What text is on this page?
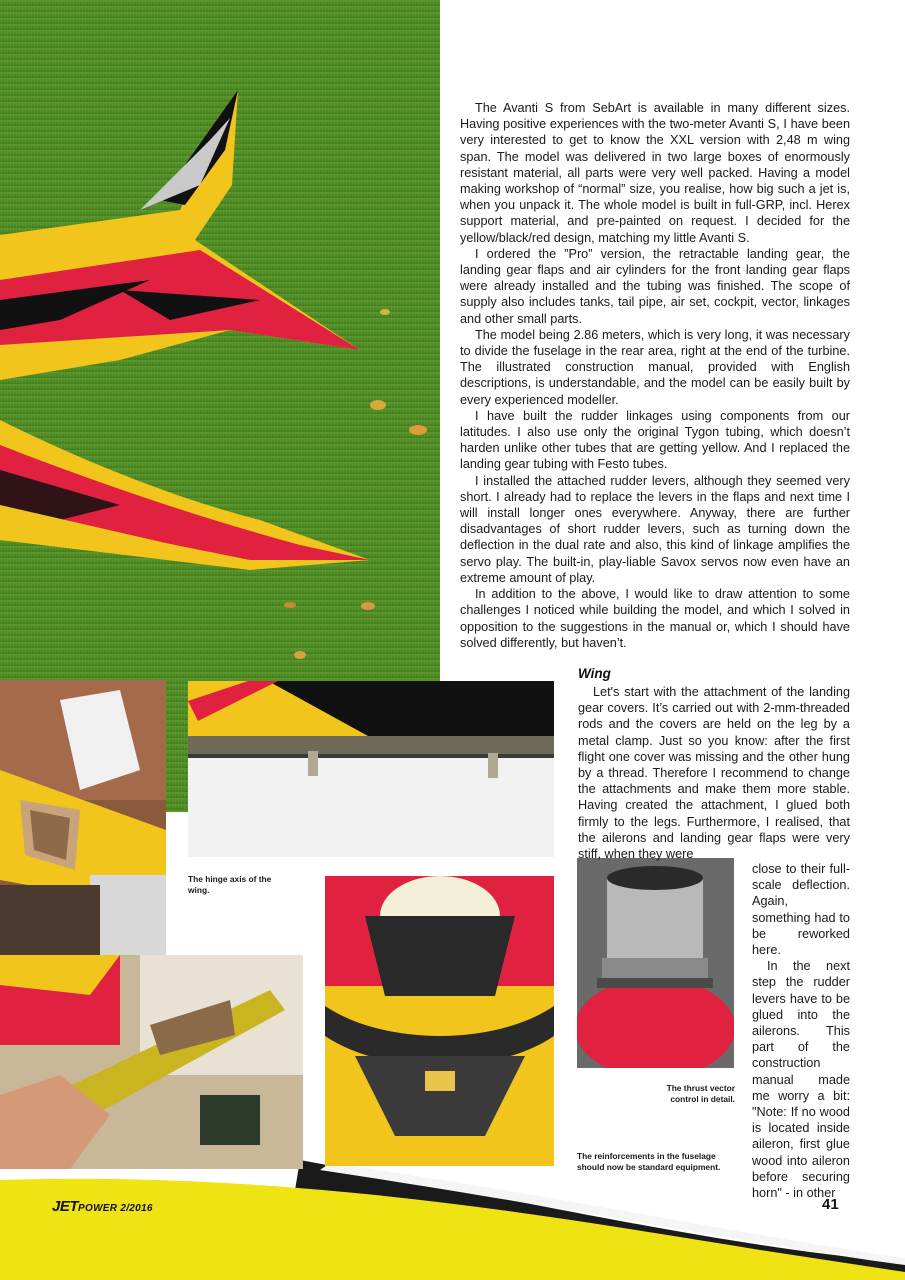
The Avanti S from SebArt is available in many different sizes. Having positive experiences with the two-meter Avanti S, I have been very interested to get to know the XXL version with 2,48 m wing span. The model was delivered in two large boxes of enormously resistant material, all parts were very well packed. Having a model making workshop of “normal” size, you realise, how big such a jet is, when you unpack it. The whole model is built in full-GRP, incl. Herex support material, and pre-painted on request. I decided for the yellow/black/red design, matching my little Avanti S.

I ordered the ”Pro” version, the retractable landing gear, the landing gear flaps and air cylinders for the front landing gear flaps were already installed and the tubing was finished. The scope of supply also includes tanks, tail pipe, air set, cockpit, vector, linkages and other small parts.

The model being 2.86 meters, which is very long, it was necessary to divide the fuselage in the rear area, right at the end of the turbine. The illustrated construction manual, provided with English descriptions, is understandable, and the model can be easily built by every experienced modeller.

I have built the rudder linkages using components from our latitudes. I also use only the original Tygon tubing, which doesn’t harden unlike other tubes that are getting yellow. And I replaced the landing gear tubing with Festo tubes.

I installed the attached rudder levers, although they seemed very short. I already had to replace the levers in the flaps and next time I will install longer ones everywhere. Anyway, there are further disadvantages of short rudder levers, such as turning down the deflection in the dual rate and also, this kind of linkage amplifies the servo play. The built-in, play-liable Savox servos now even have an extreme amount of play.

In addition to the above, I would like to draw attention to some challenges I noticed while building the model, and which I solved in opposition to the suggestions in the manual or, which I should have solved differently, but haven’t.

Wing

Let's start with the attachment of the landing gear covers. It’s carried out with 2-mm-threaded rods and the covers are held on the leg by a metal clamp. Just so you know: after the first flight one cover was missing and the other hung by a thread. Therefore I recommend to change the attachments and make them more stable. Having created the attachment, I glued both firmly to the legs. Furthermore, I realised, that the ailerons and landing gear flaps were very stiff, when they were

close to their full-scale deflection. Again, something had to be reworked here.

In the next step the rudder levers have to be glued into the ailerons. This part of the construction manual made me worry a bit: "Note: If no wood is located inside aileron, first glue wood into aileron before securing horn" - in other

The hinge axis of the wing.
The thrust vector control in detail.
The reinforcements in the fuselage should now be standard equipment.
JETPOWER 2/2016	41
